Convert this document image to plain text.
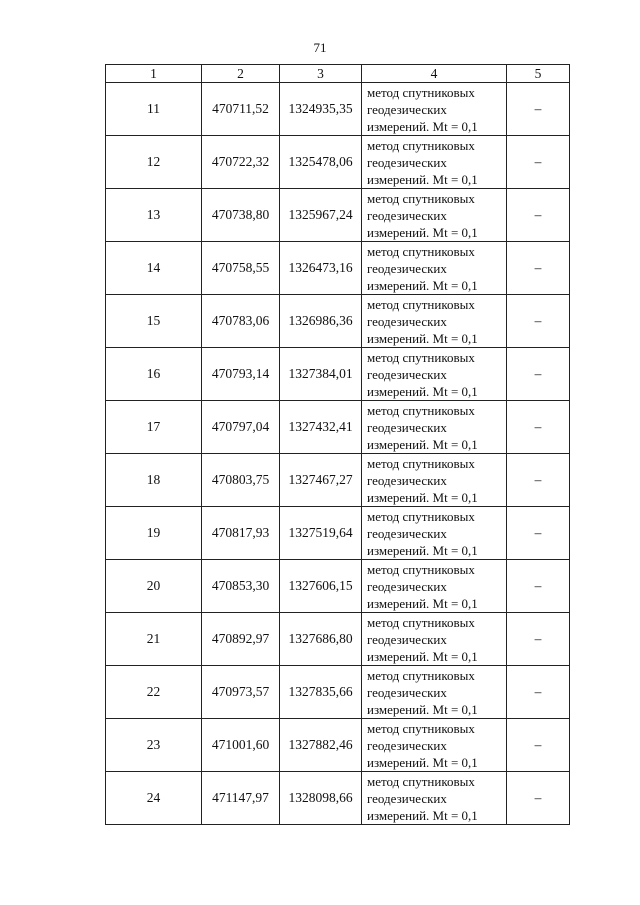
71
1	2	3	4	5
11	470711,52	1324935,35	метод спутниковых
геодезических
измерений. Mt = 0,1	–
12	470722,32	1325478,06	метод спутниковых
геодезических
измерений. Mt = 0,1	–
13	470738,80	1325967,24	метод спутниковых
геодезических
измерений. Mt = 0,1	–
14	470758,55	1326473,16	метод спутниковых
геодезических
измерений. Mt = 0,1	–
15	470783,06	1326986,36	метод спутниковых
геодезических
измерений. Mt = 0,1	–
16	470793,14	1327384,01	метод спутниковых
геодезических
измерений. Mt = 0,1	–
17	470797,04	1327432,41	метод спутниковых
геодезических
измерений. Mt = 0,1	–
18	470803,75	1327467,27	метод спутниковых
геодезических
измерений. Mt = 0,1	–
19	470817,93	1327519,64	метод спутниковых
геодезических
измерений. Mt = 0,1	–
20	470853,30	1327606,15	метод спутниковых
геодезических
измерений. Mt = 0,1	–
21	470892,97	1327686,80	метод спутниковых
геодезических
измерений. Mt = 0,1	–
22	470973,57	1327835,66	метод спутниковых
геодезических
измерений. Mt = 0,1	–
23	471001,60	1327882,46	метод спутниковых
геодезических
измерений. Mt = 0,1	–
24	471147,97	1328098,66	метод спутниковых
геодезических
измерений. Mt = 0,1	–
